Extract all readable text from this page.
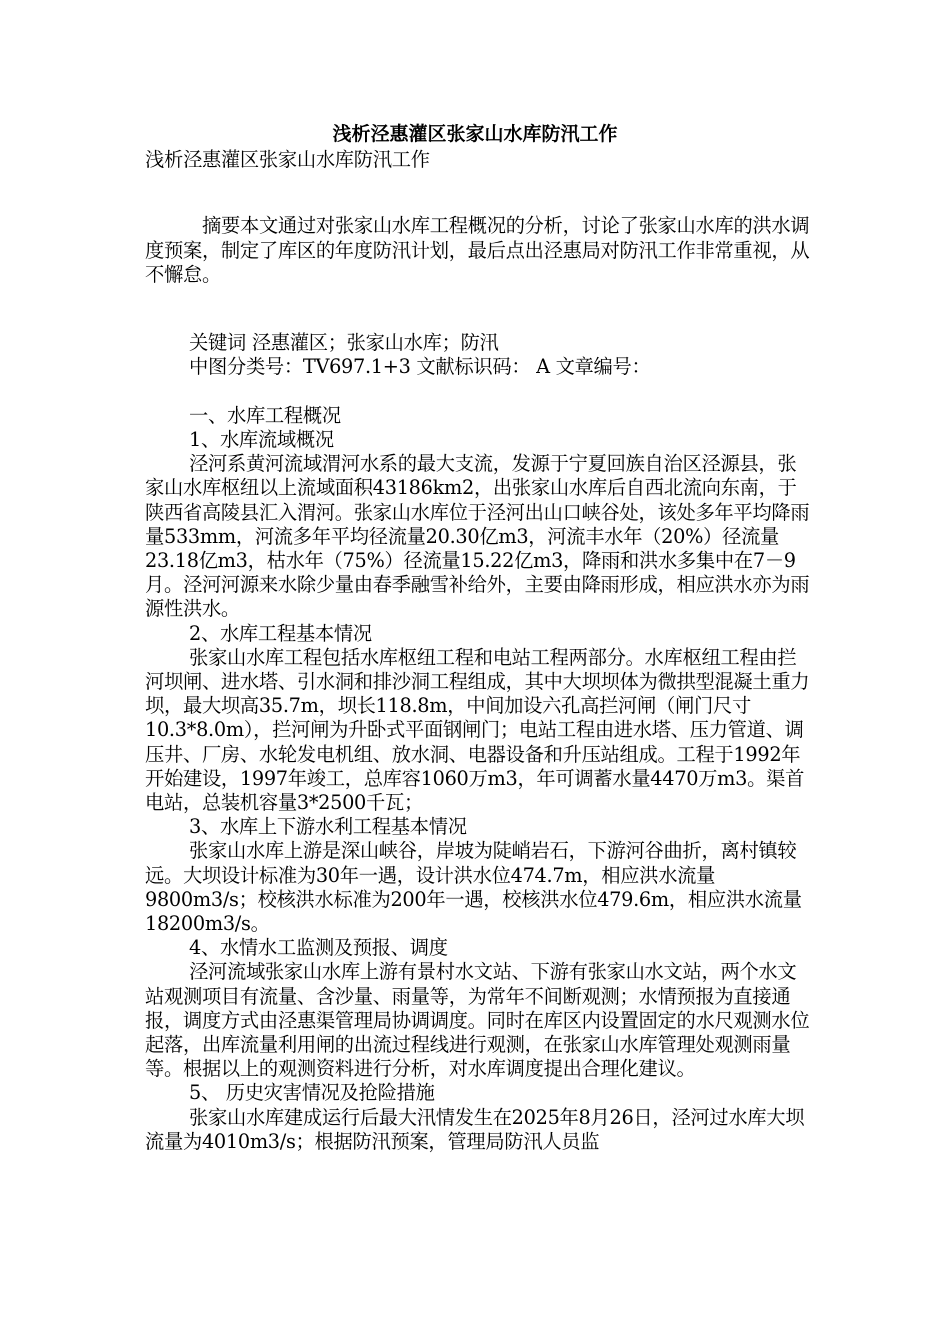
浅析泾惠灌区张家山水库防汛工作

浅析泾惠灌区张家山水库防汛工作

摘要本文通过对张家山水库工程概况的分析，讨论了张家山水库的洪水调度预案，制定了库区的年度防汛计划，最后点出泾惠局对防汛工作非常重视，从不懈怠。

关键词 泾惠灌区；张家山水库；防汛

中图分类号：TV697.1+3 文献标识码： A 文章编号：

一、水库工程概况

1、水库流域概况

泾河系黄河流域渭河水系的最大支流，发源于宁夏回族自治区泾源县，张家山水库枢纽以上流域面积43186km2，出张家山水库后自西北流向东南，于陕西省高陵县汇入渭河。张家山水库位于泾河出山口峡谷处，该处多年平均降雨量533mm，河流多年平均径流量20.30亿m3，河流丰水年（20%）径流量23.18亿m3，枯水年（75%）径流量15.22亿m3，降雨和洪水多集中在7－9月。泾河河源来水除少量由春季融雪补给外，主要由降雨形成，相应洪水亦为雨源性洪水。

2、水库工程基本情况

张家山水库工程包括水库枢纽工程和电站工程两部分。水库枢纽工程由拦河坝闸、进水塔、引水洞和排沙洞工程组成，其中大坝坝体为微拱型混凝土重力坝，最大坝高35.7m，坝长118.8m，中间加设六孔高拦河闸（闸门尺寸10.3*8.0m），拦河闸为升卧式平面钢闸门；电站工程由进水塔、压力管道、调压井、厂房、水轮发电机组、放水洞、电器设备和升压站组成。工程于1992年开始建设，1997年竣工，总库容1060万m3，年可调蓄水量4470万m3。渠首电站，总装机容量3*2500千瓦；

3、水库上下游水利工程基本情况

张家山水库上游是深山峡谷，岸坡为陡峭岩石，下游河谷曲折，离村镇较远。大坝设计标准为30年一遇，设计洪水位474.7m，相应洪水流量9800m3/s；校核洪水标准为200年一遇，校核洪水位479.6m，相应洪水流量18200m3/s。

4、水情水工监测及预报、调度

泾河流域张家山水库上游有景村水文站、下游有张家山水文站，两个水文站观测项目有流量、含沙量、雨量等，为常年不间断观测；水情预报为直接通报，调度方式由泾惠渠管理局协调调度。同时在库区内设置固定的水尺观测水位起落，出库流量利用闸的出流过程线进行观测，在张家山水库管理处观测雨量等。根据以上的观测资料进行分析，对水库调度提出合理化建议。

5、 历史灾害情况及抢险措施

张家山水库建成运行后最大汛情发生在2025年8月26日，泾河过水库大坝流量为4010m3/s；根据防汛预案，管理局防汛人员监
